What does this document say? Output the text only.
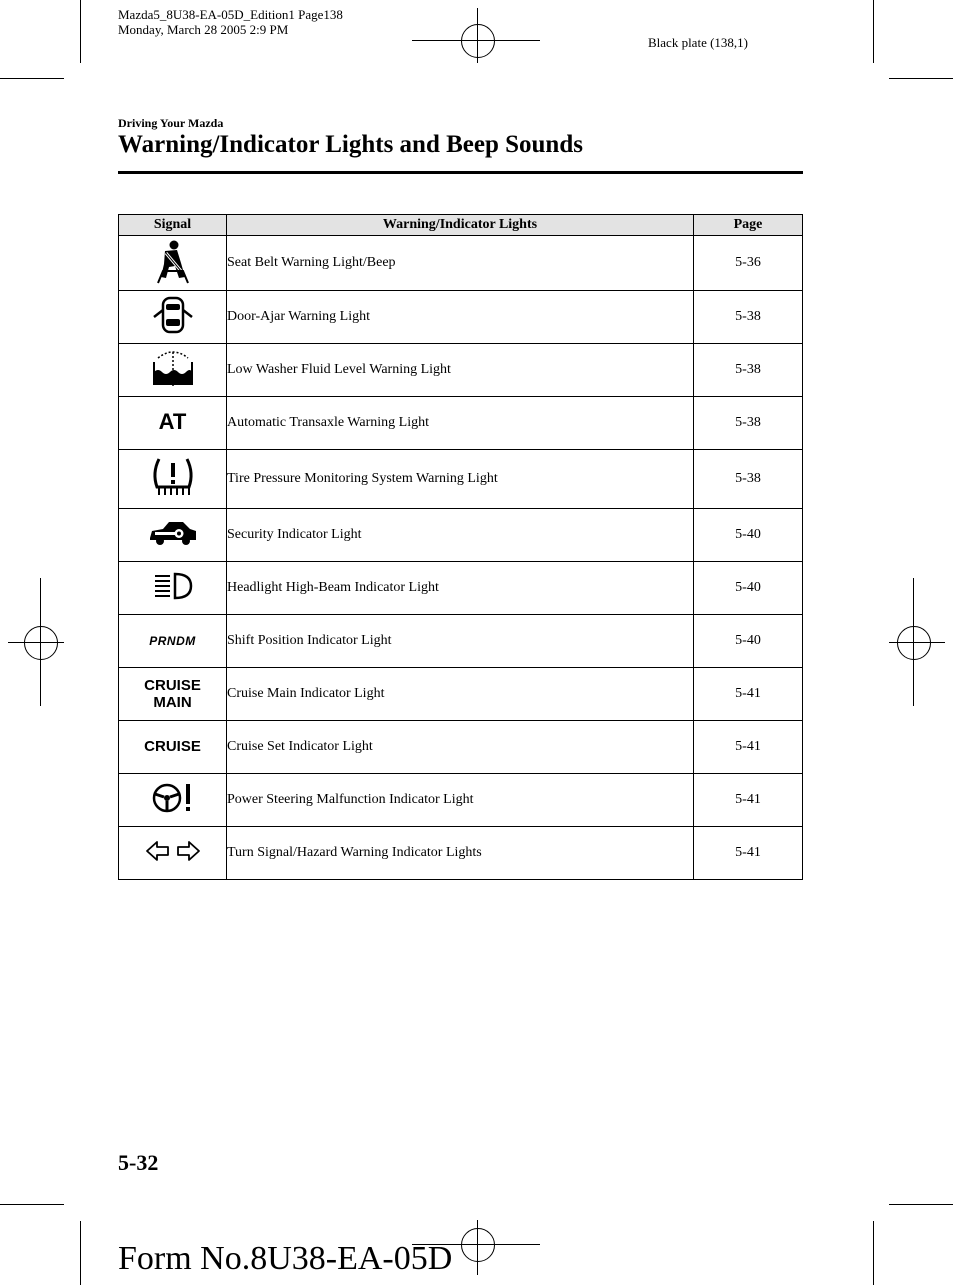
Mazda5_8U38-EA-05D_Edition1 Page138
Monday, March 28 2005 2:9 PM
Black plate (138,1)
Driving Your Mazda
Warning/Indicator Lights and Beep Sounds
Signal	Warning/Indicator Lights	Page
	Seat Belt Warning Light/Beep	5-36
	Door-Ajar Warning Light	5-38
	Low Washer Fluid Level Warning Light	5-38
AT	Automatic Transaxle Warning Light	5-38
	Tire Pressure Monitoring System Warning Light	5-38
	Security Indicator Light	5-40
	Headlight High-Beam Indicator Light	5-40
PRNDM	Shift Position Indicator Light	5-40

CRUISE
MAIN	Cruise Main Indicator Light	5-41
CRUISE	Cruise Set Indicator Light	5-41
	Power Steering Malfunction Indicator Light	5-41
	Turn Signal/Hazard Warning Indicator Lights	5-41
5-32
Form No.8U38-EA-05D
